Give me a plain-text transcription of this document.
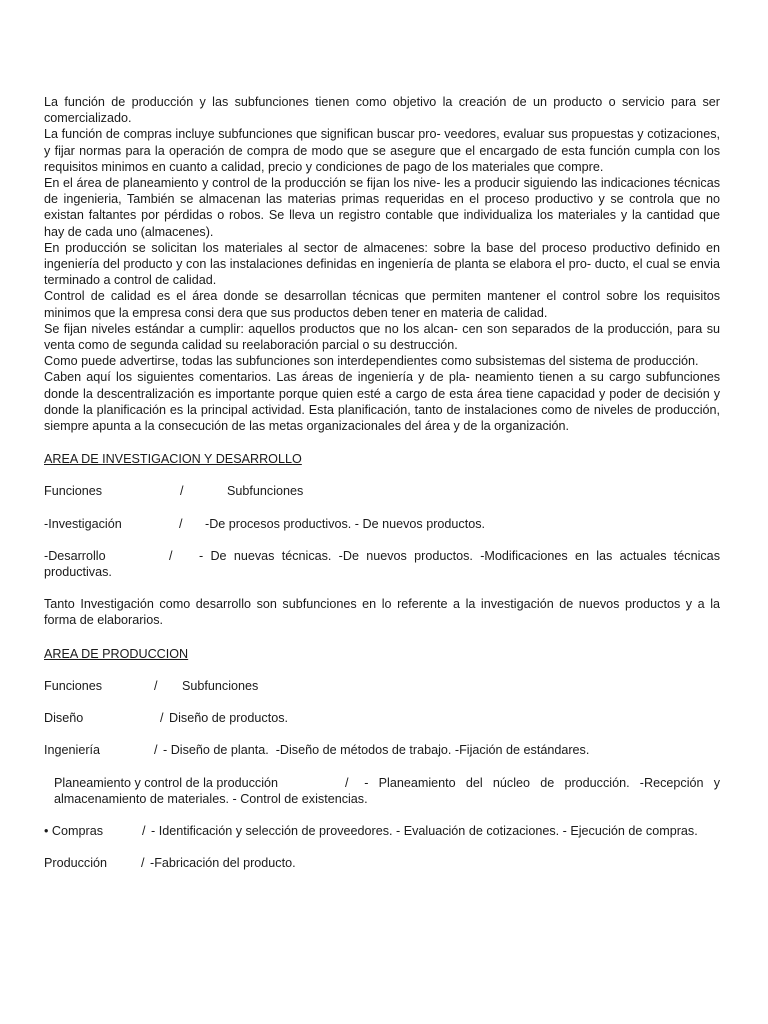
La función de producción y las subfunciones tienen como objetivo la creación de un producto o servicio para ser comercializado.

La función de compras incluye subfunciones que significan buscar pro- veedores, evaluar sus propuestas y cotizaciones, y fijar normas para la operación de compra de modo que se asegure que el encargado de esta función cumpla con los requisitos minimos en cuanto a calidad, precio y condiciones de pago de los materiales que compre.

En el área de planeamiento y control de la producción se fijan los nive- les a producir siguiendo las indicaciones técnicas de ingenieria, También se almacenan las materias primas requeridas en el proceso productivo y se controla que no existan faltantes por pérdidas o robos. Se lleva un registro contable que individualiza los materiales y la cantidad que hay de cada uno (almacenes).

En producción se solicitan los materiales al sector de almacenes: sobre la base del proceso productivo definido en ingeniería del producto y con las instalaciones definidas en ingeniería de planta se elabora el pro- ducto, el cual se envia terminado a control de calidad.

Control de calidad es el área donde se desarrollan técnicas que permiten mantener el control sobre los requisitos minimos que la empresa consi dera que sus productos deben tener en materia de calidad.

Se fijan niveles estándar a cumplir: aquellos productos que no los alcan- cen son separados de la producción, para su venta como de segunda calidad su reelaboración parcial o su destrucción.

Como puede advertirse, todas las subfunciones son interdependientes como subsistemas del sistema de producción.

Caben aquí los siguientes comentarios. Las áreas de ingeniería y de pla- neamiento tienen a su cargo subfunciones donde la descentralización es importante porque quien esté a cargo de esta área tiene capacidad y poder de decisión y donde la planificación es la principal actividad. Esta planificación, tanto de instalaciones como de niveles de producción, siempre apunta a la consecución de las metas organizacionales del área y de la organización.

AREA DE INVESTIGACION Y DESARROLLO

Funciones	/	Subfunciones

-Investigación	/ -De procesos productivos. - De nuevos productos.

-Desarrollo	/ - De nuevas técnicas. -De nuevos productos. -Modificaciones en las actuales técnicas productivas.

Tanto Investigación como desarrollo son subfunciones en lo referente a la investigación de nuevos productos y a la forma de elaborarios.

AREA DE PRODUCCION

Funciones	/ Subfunciones

Diseño	/ Diseño de productos.

Ingeniería	/ - Diseño de planta.  -Diseño de métodos de trabajo. -Fijación de estándares.

Planeamiento y control de la producción	/ - Planeamiento del núcleo de producción. -Recepción y almacenamiento de materiales. - Control de existencias.

• Compras	/ - Identificación y selección de proveedores. - Evaluación de cotizaciones. - Ejecución de compras.

Producción	/ -Fabricación del producto.
